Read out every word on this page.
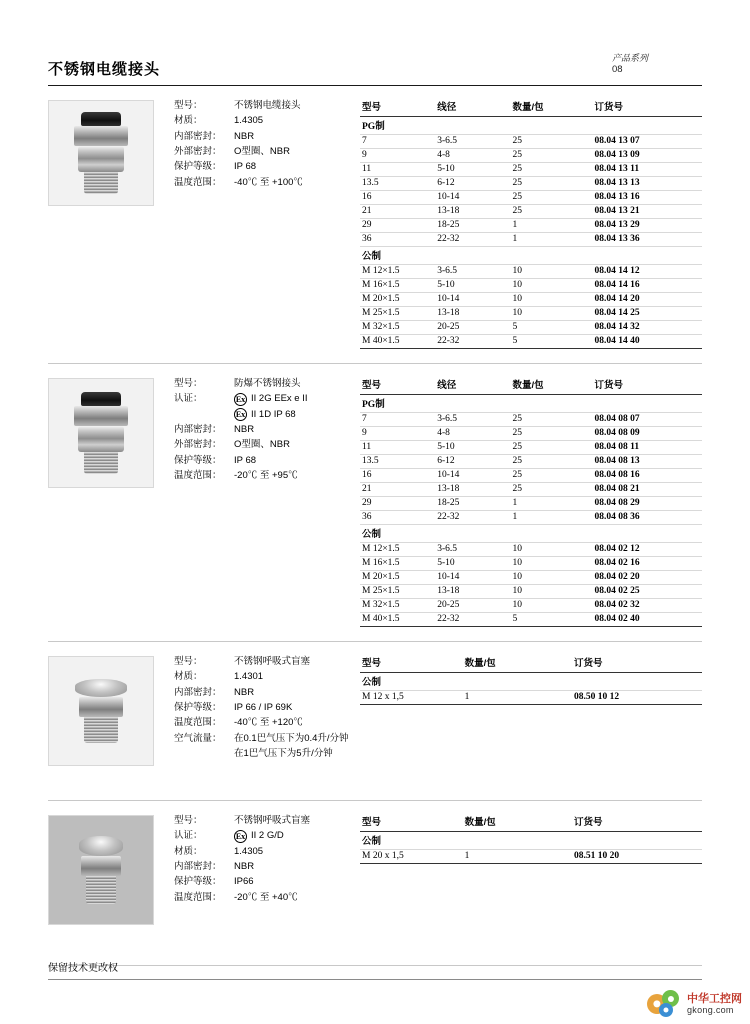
不锈钢电缆接头
产品系列
08
型号：	不锈钢电缆接头
材质：	1.4305
内部密封：	NBR
外部密封：	O型圈、NBR
保护等级：	IP 68
温度范围：	-40℃ 至 +100℃
型号	线径	数量/包	订货号
PG制			
7	3-6.5	25	08.04 13 07
9	4-8	25	08.04 13 09
11	5-10	25	08.04 13 11
13.5	6-12	25	08.04 13 13
16	10-14	25	08.04 13 16
21	13-18	25	08.04 13 21
29	18-25	1	08.04 13 29
36	22-32	1	08.04 13 36
公制			
M 12×1.5	3-6.5	10	08.04 14 12
M 16×1.5	5-10	10	08.04 14 16
M 20×1.5	10-14	10	08.04 14 20
M 25×1.5	13-18	10	08.04 14 25
M 32×1.5	20-25	5	08.04 14 32
M 40×1.5	22-32	5	08.04 14 40
型号：	防爆不锈钢接头
认证：	Ex II 2G EEx e II
Ex II 1D IP 68
内部密封：	NBR
外部密封：	O型圈、NBR
保护等级：	IP 68
温度范围：	-20℃ 至 +95℃
型号	线径	数量/包	订货号
PG制			
7	3-6.5	25	08.04 08 07
9	4-8	25	08.04 08 09
11	5-10	25	08.04 08 11
13.5	6-12	25	08.04 08 13
16	10-14	25	08.04 08 16
21	13-18	25	08.04 08 21
29	18-25	1	08.04 08 29
36	22-32	1	08.04 08 36
公制			
M 12×1.5	3-6.5	10	08.04 02 12
M 16×1.5	5-10	10	08.04 02 16
M 20×1.5	10-14	10	08.04 02 20
M 25×1.5	13-18	10	08.04 02 25
M 32×1.5	20-25	10	08.04 02 32
M 40×1.5	22-32	5	08.04 02 40
型号：	不锈钢呼吸式盲塞
材质：	1.4301
内部密封：	NBR
保护等级：	IP 66 / IP 69K
温度范围：	-40℃ 至 +120℃
空气流量：	在0.1巴气压下为0.4升/分钟
在1巴气压下为5升/分钟
型号	数量/包	订货号
公制		
M 12 x 1,5	1	08.50 10 12
型号：	不锈钢呼吸式盲塞
认证：	Ex II 2 G/D
材质：	1.4305
内部密封：	NBR
保护等级：	IP66
温度范围：	-20℃ 至 +40℃
型号	数量/包	订货号
公制		
M 20 x 1,5	1	08.51 10 20
保留技术更改权
中华工控网
gkong.com
